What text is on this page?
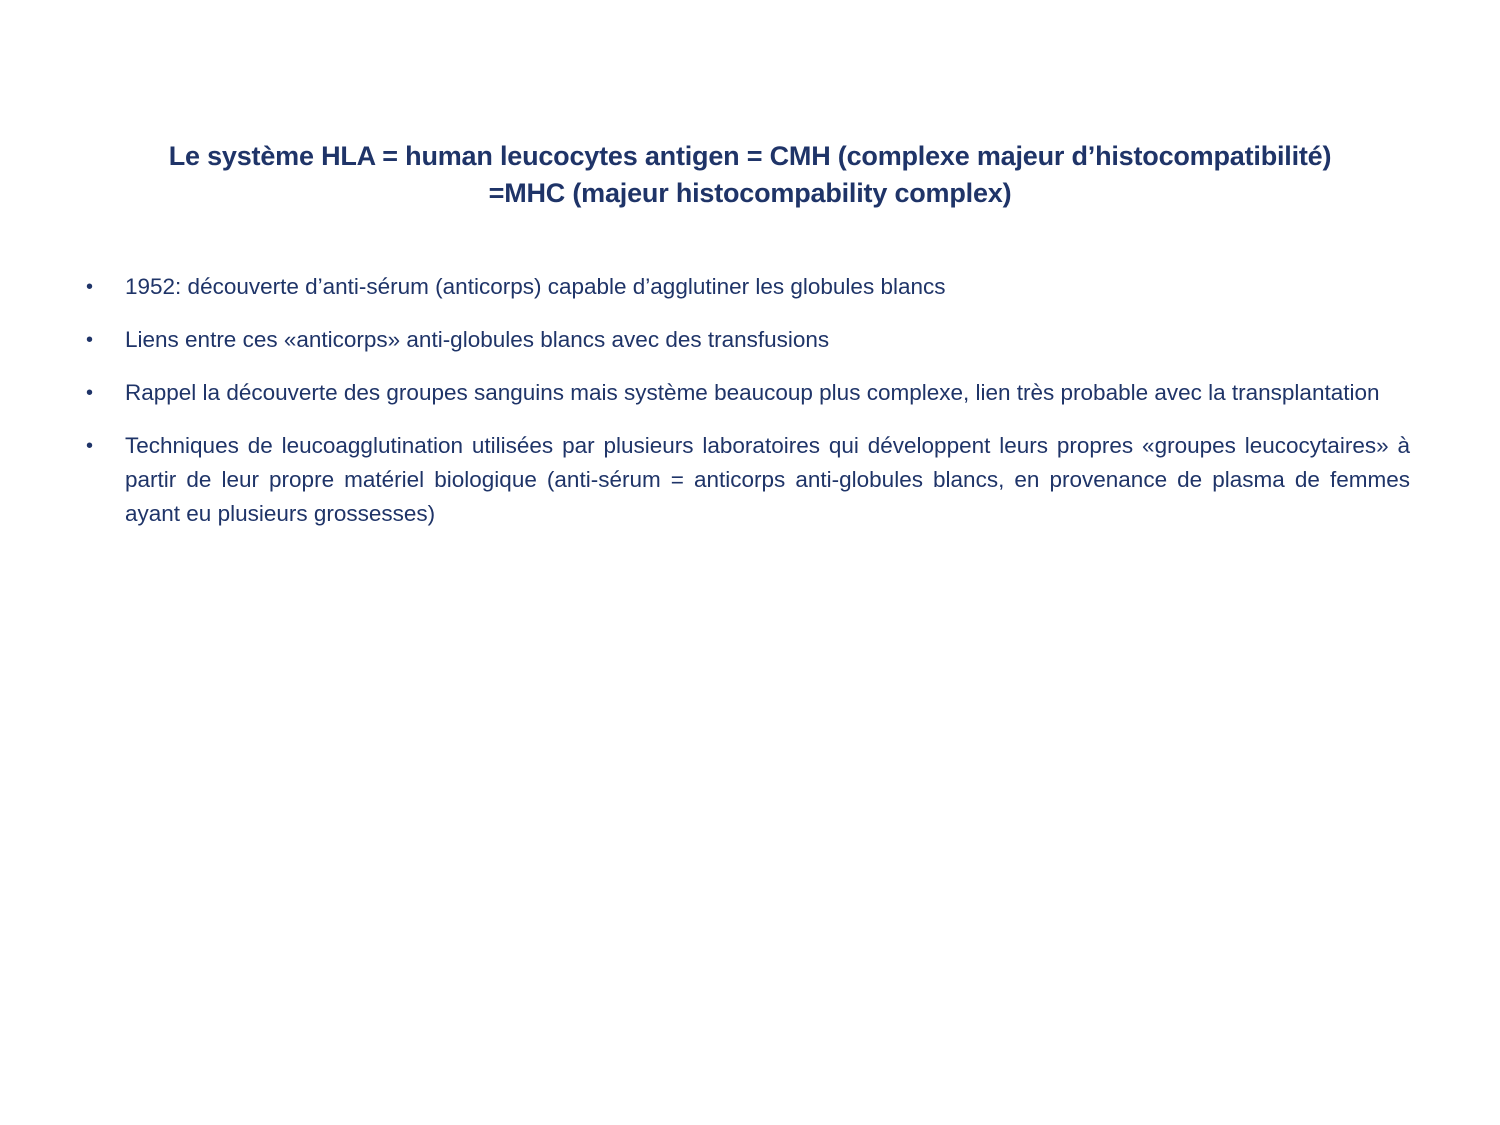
Le système HLA = human leucocytes antigen = CMH (complexe majeur d’histocompatibilité)
=MHC (majeur histocompability complex)
•	1952: découverte d’anti-sérum (anticorps) capable d’agglutiner les globules blancs
•	Liens entre ces «anticorps» anti-globules blancs avec des transfusions
•	Rappel la découverte des groupes sanguins mais système beaucoup plus complexe, lien très probable avec la transplantation
•	Techniques de leucoagglutination utilisées par plusieurs laboratoires qui développent leurs propres «groupes leucocytaires» à partir de leur propre matériel biologique (anti-sérum = anticorps anti-globules blancs, en provenance de plasma de femmes ayant eu plusieurs grossesses)
